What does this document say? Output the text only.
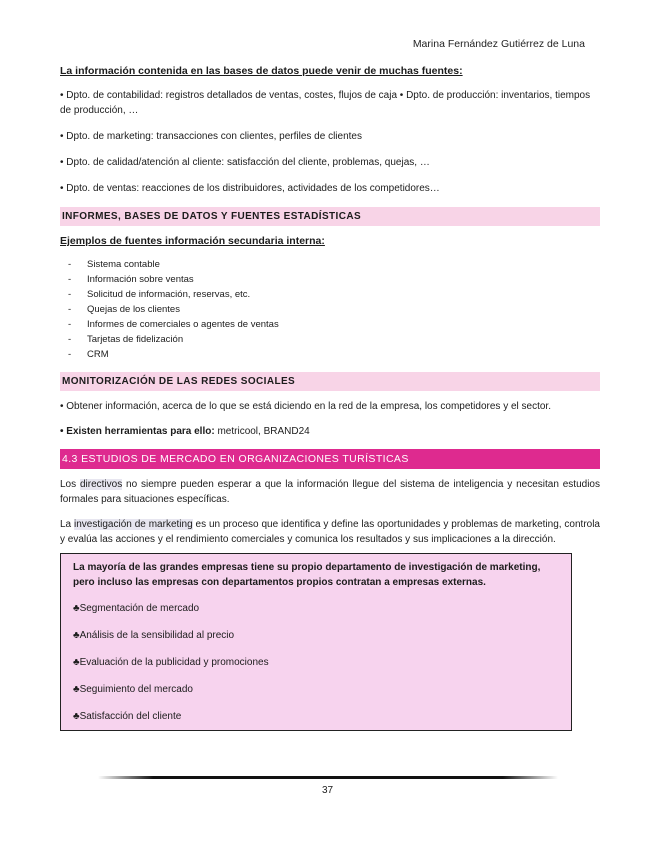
Marina Fernández Gutiérrez de Luna

La información contenida en las bases de datos puede venir de muchas fuentes:

• Dpto. de contabilidad: registros detallados de ventas, costes, flujos de caja • Dpto. de producción: inventarios, tiempos de producción, …

• Dpto. de marketing: transacciones con clientes, perfiles de clientes

• Dpto. de calidad/atención al cliente: satisfacción del cliente, problemas, quejas, …

• Dpto. de ventas: reacciones de los distribuidores, actividades de los competidores…

INFORMES, BASES DE DATOS Y FUENTES ESTADÍSTICAS

Ejemplos de fuentes información secundaria interna:

- Sistema contable
- Información sobre ventas
- Solicitud de información, reservas, etc.
- Quejas de los clientes
- Informes de comerciales o agentes de ventas
- Tarjetas de fidelización
- CRM
MONITORIZACIÓN DE LAS REDES SOCIALES

• Obtener información, acerca de lo que se está diciendo en la red de la empresa, los competidores y el sector.

• Existen herramientas para ello: metricool, BRAND24

4.3 ESTUDIOS DE MERCADO EN ORGANIZACIONES TURÍSTICAS

Los directivos no siempre pueden esperar a que la información llegue del sistema de inteligencia y necesitan estudios formales para situaciones específicas.

La investigación de marketing es un proceso que identifica y define las oportunidades y problemas de marketing, controla y evalúa las acciones y el rendimiento comerciales y comunica los resultados y sus implicaciones a la dirección.

La mayoría de las grandes empresas tiene su propio departamento de investigación de marketing, pero incluso las empresas con departamentos propios contratan a empresas externas.
♣Segmentación de mercado
♣Análisis de la sensibilidad al precio
♣Evaluación de la publicidad y promociones
♣Seguimiento del mercado
♣Satisfacción del cliente
37
